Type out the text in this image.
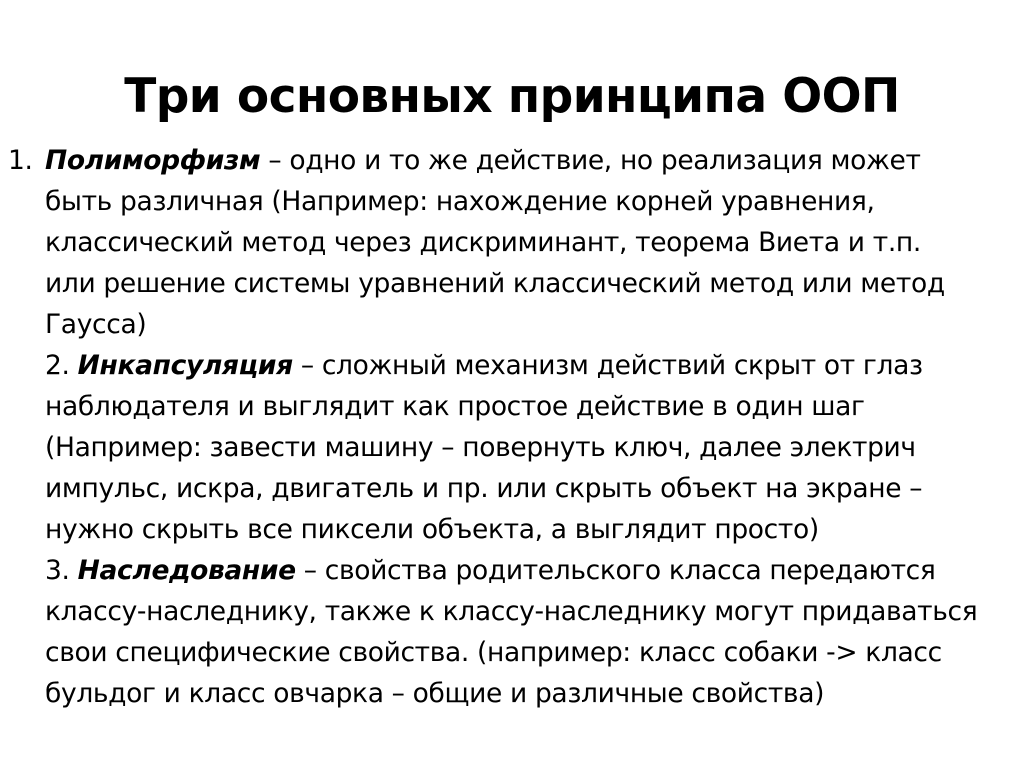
Три основных принципа ООП
1. Полиморфизм – одно и то же действие, но реализация может
быть различная (Например: нахождение корней уравнения,
классический метод через дискриминант, теорема Виета и т.п.
или решение системы уравнений классический метод или метод
Гаусса)
2. Инкапсуляция – сложный механизм действий скрыт от глаз
наблюдателя и выглядит как простое действие в один шаг
(Например: завести машину – повернуть ключ, далее электрич
импульс, искра, двигатель и пр. или скрыть объект на экране –
нужно скрыть все пиксели объекта, а выглядит просто)
3. Наследование – свойства родительского класса передаются
классу-наследнику, также к классу-наследнику могут придаваться
свои специфические свойства. (например: класс собаки -> класс
бульдог и класс овчарка – общие и различные свойства)
